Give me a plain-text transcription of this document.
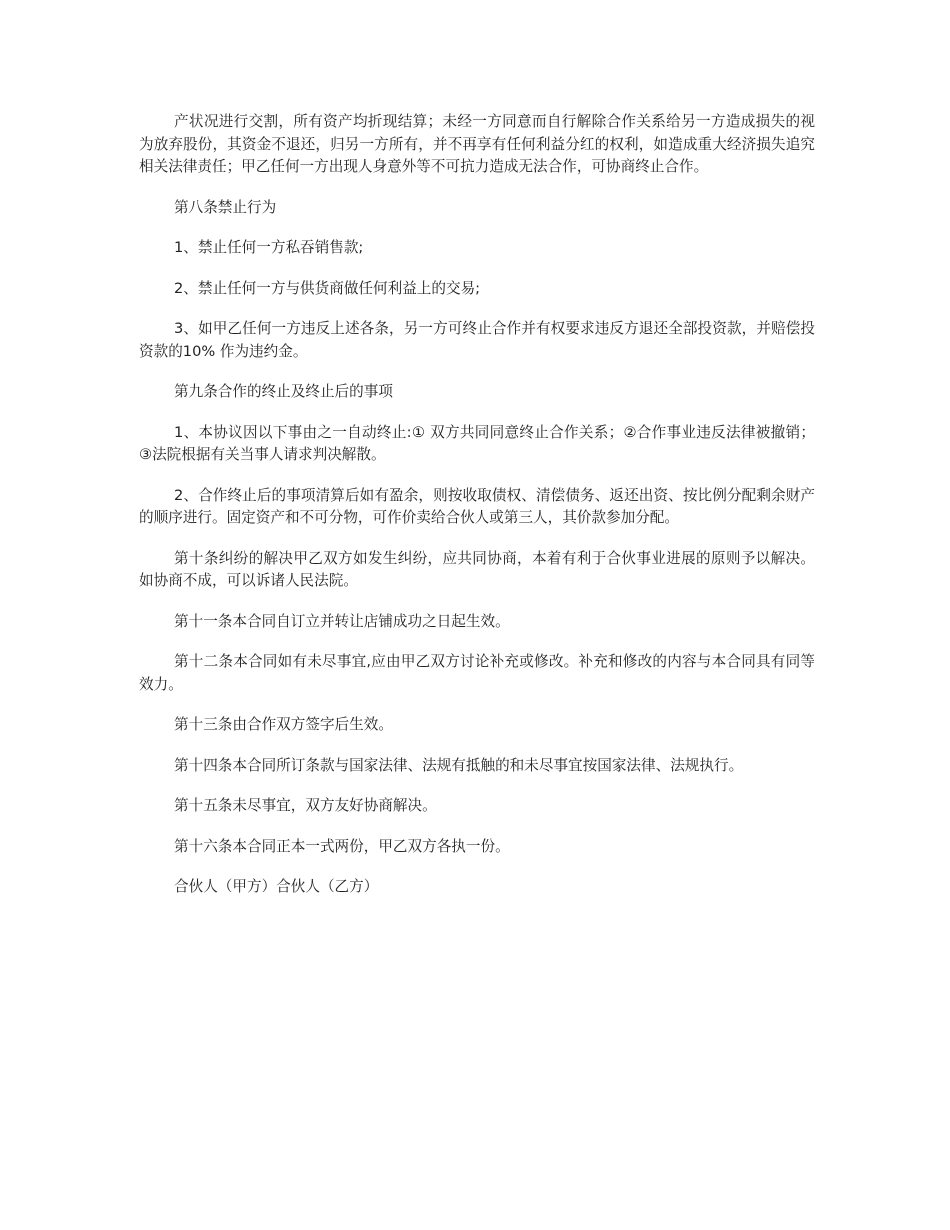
产状况进行交割，所有资产均折现结算；未经一方同意而自行解除合作关系给另一方造成损失的视为放弃股份，其资金不退还，归另一方所有，并不再享有任何利益分红的权利，如造成重大经济损失追究相关法律责任；甲乙任何一方出现人身意外等不可抗力造成无法合作，可协商终止合作。

第八条禁止行为

1、禁止任何一方私吞销售款;

2、禁止任何一方与供货商做任何利益上的交易;

3、如甲乙任何一方违反上述各条，另一方可终止合作并有权要求违反方退还全部投资款，并赔偿投资款的10% 作为违约金。

第九条合作的终止及终止后的事项

1、本协议因以下事由之一自动终止:① 双方共同同意终止合作关系；②合作事业违反法律被撤销；③法院根据有关当事人请求判决解散。

2、合作终止后的事项清算后如有盈余，则按收取债权、清偿债务、返还出资、按比例分配剩余财产的顺序进行。固定资产和不可分物，可作价卖给合伙人或第三人，其价款参加分配。

第十条纠纷的解决甲乙双方如发生纠纷，应共同协商，本着有利于合伙事业进展的原则予以解决。如协商不成，可以诉诸人民法院。

第十一条本合同自订立并转让店铺成功之日起生效。

第十二条本合同如有未尽事宜,应由甲乙双方讨论补充或修改。补充和修改的内容与本合同具有同等效力。

第十三条由合作双方签字后生效。

第十四条本合同所订条款与国家法律、法规有抵触的和未尽事宜按国家法律、法规执行。

第十五条未尽事宜，双方友好协商解决。

第十六条本合同正本一式两份，甲乙双方各执一份。

合伙人（甲方）合伙人（乙方）
